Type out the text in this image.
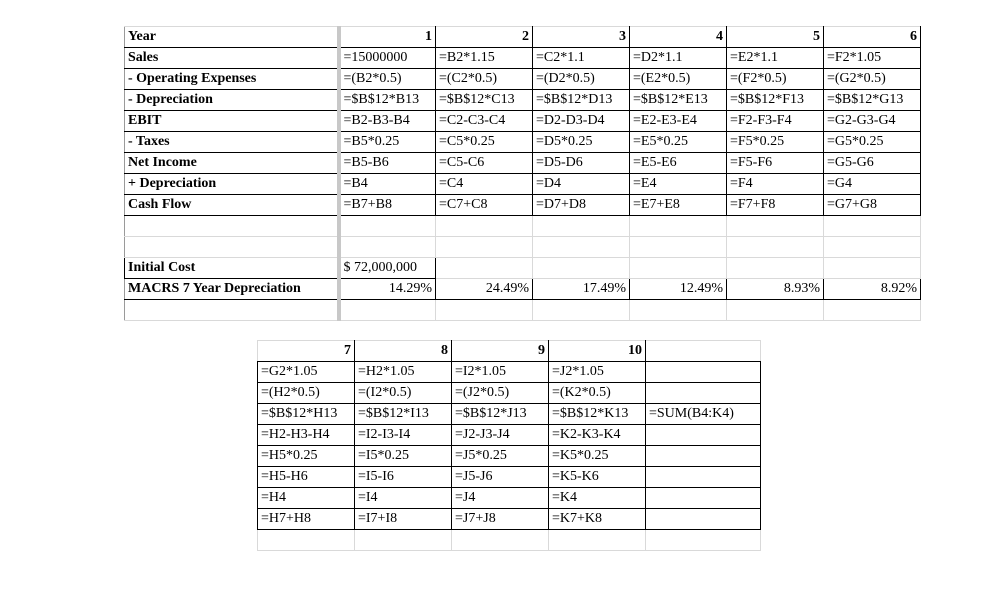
Year	1	2	3	4	5	6
Sales	=15000000	=B2*1.15	=C2*1.1	=D2*1.1	=E2*1.1	=F2*1.05
- Operating Expenses	=(B2*0.5)	=(C2*0.5)	=(D2*0.5)	=(E2*0.5)	=(F2*0.5)	=(G2*0.5)
- Depreciation	=$B$12*B13	=$B$12*C13	=$B$12*D13	=$B$12*E13	=$B$12*F13	=$B$12*G13
EBIT	=B2-B3-B4	=C2-C3-C4	=D2-D3-D4	=E2-E3-E4	=F2-F3-F4	=G2-G3-G4
- Taxes	=B5*0.25	=C5*0.25	=D5*0.25	=E5*0.25	=F5*0.25	=G5*0.25
Net Income	=B5-B6	=C5-C6	=D5-D6	=E5-E6	=F5-F6	=G5-G6
+ Depreciation	=B4	=C4	=D4	=E4	=F4	=G4
Cash Flow	=B7+B8	=C7+C8	=D7+D8	=E7+E8	=F7+F8	=G7+G8

Initial Cost	$ 72,000,000					
MACRS 7 Year Depreciation	14.29%	24.49%	17.49%	12.49%	8.93%	8.92%

7	8	9	10	
=G2*1.05	=H2*1.05	=I2*1.05	=J2*1.05	
=(H2*0.5)	=(I2*0.5)	=(J2*0.5)	=(K2*0.5)	
=$B$12*H13	=$B$12*I13	=$B$12*J13	=$B$12*K13	=SUM(B4:K4)
=H2-H3-H4	=I2-I3-I4	=J2-J3-J4	=K2-K3-K4	
=H5*0.25	=I5*0.25	=J5*0.25	=K5*0.25	
=H5-H6	=I5-I6	=J5-J6	=K5-K6	
=H4	=I4	=J4	=K4	
=H7+H8	=I7+I8	=J7+J8	=K7+K8	
